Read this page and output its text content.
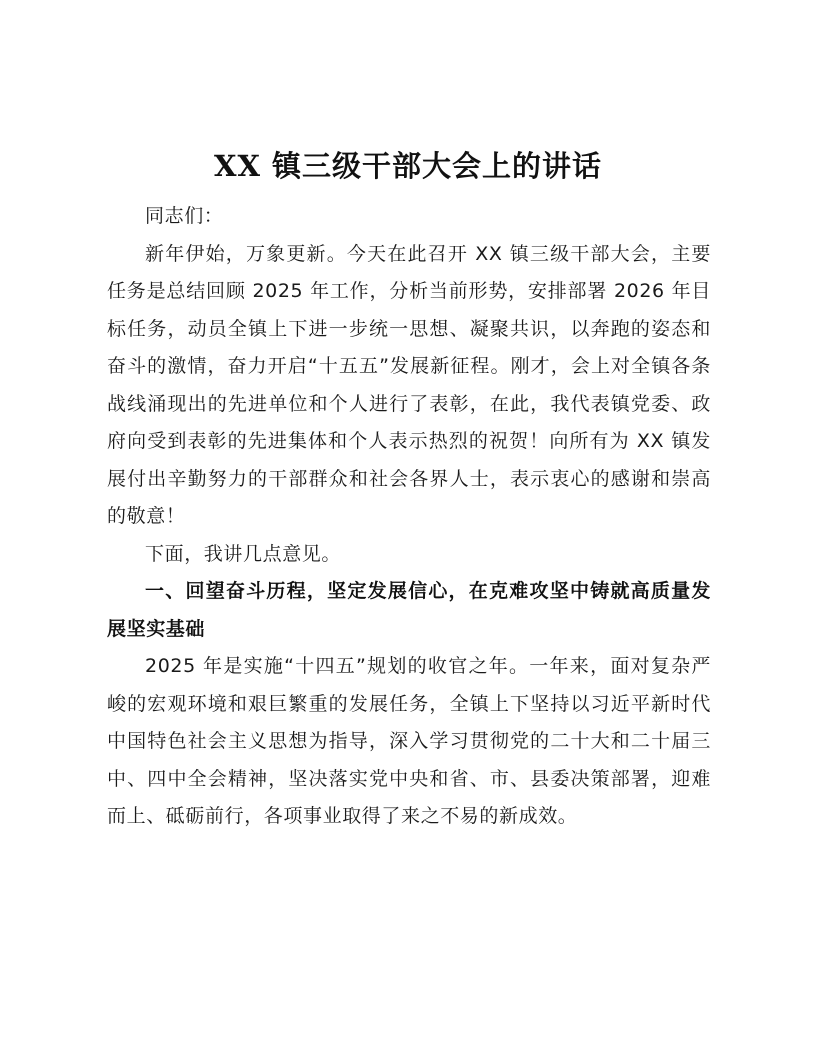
XX 镇三级干部大会上的讲话

同志们：

新年伊始，万象更新。今天在此召开 XX 镇三级干部大会，主要任务是总结回顾 2025 年工作，分析当前形势，安排部署 2026 年目标任务，动员全镇上下进一步统一思想、凝聚共识，以奔跑的姿态和奋斗的激情，奋力开启“十五五”发展新征程。刚才，会上对全镇各条战线涌现出的先进单位和个人进行了表彰，在此，我代表镇党委、政府向受到表彰的先进集体和个人表示热烈的祝贺！向所有为 XX 镇发展付出辛勤努力的干部群众和社会各界人士，表示衷心的感谢和崇高的敬意！

下面，我讲几点意见。

一、回望奋斗历程，坚定发展信心，在克难攻坚中铸就高质量发展坚实基础

2025 年是实施“十四五”规划的收官之年。一年来，面对复杂严峻的宏观环境和艰巨繁重的发展任务，全镇上下坚持以习近平新时代中国特色社会主义思想为指导，深入学习贯彻党的二十大和二十届三中、四中全会精神，坚决落实党中央和省、市、县委决策部署，迎难而上、砥砺前行，各项事业取得了来之不易的新成效。
